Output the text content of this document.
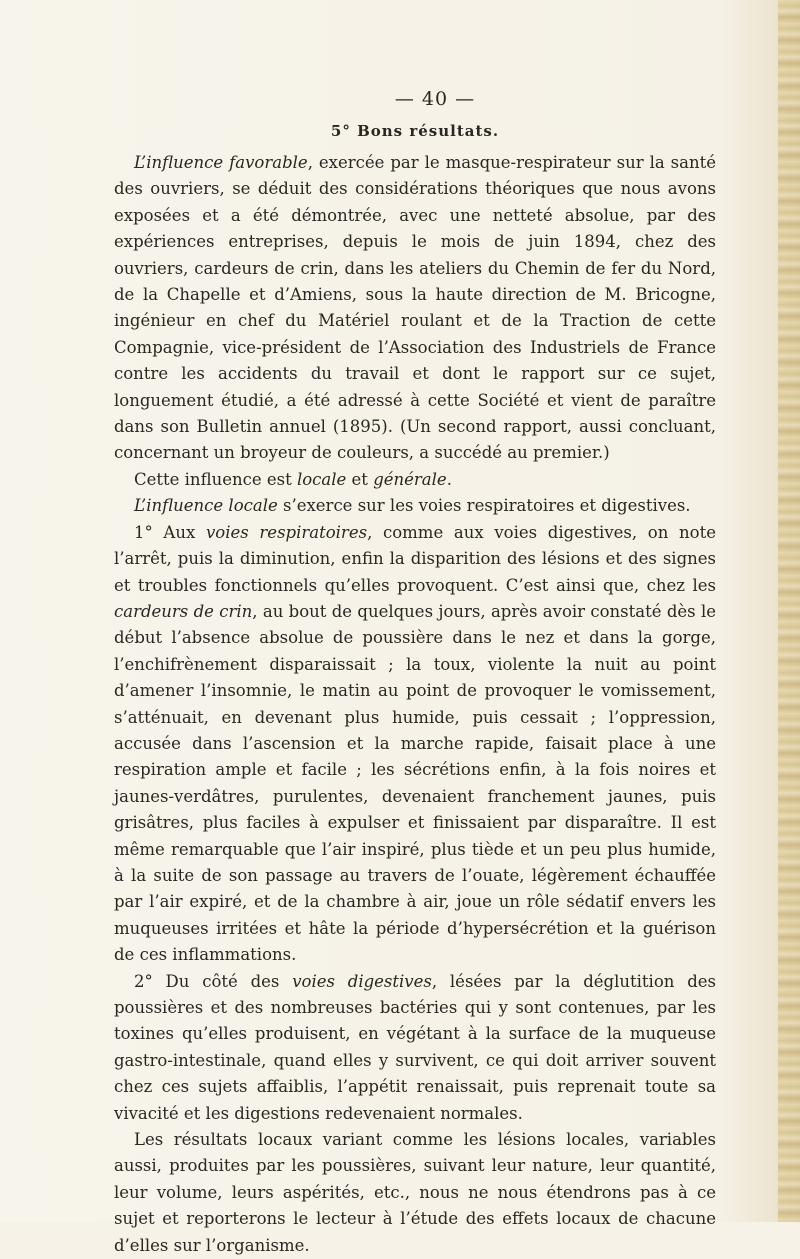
— 40 —
5° Bons résultats.

L’influence favorable, exercée par le masque-respirateur sur la santé des ouvriers, se déduit des considérations théoriques que nous avons exposées et a été démontrée, avec une netteté absolue, par des expériences entreprises, depuis le mois de juin 1894, chez des ouvriers, cardeurs de crin, dans les ateliers du Chemin de fer du Nord, de la Chapelle et d’Amiens, sous la haute direction de M. Bricogne, ingénieur en chef du Matériel roulant et de la Traction de cette Compagnie, vice-président de l’Association des Industriels de France contre les accidents du travail et dont le rapport sur ce sujet, longuement étudié, a été adressé à cette Société et vient de paraître dans son Bulletin annuel (1895). (Un second rapport, aussi concluant, concernant un broyeur de couleurs, a succédé au premier.)

Cette influence est locale et générale.

L’influence locale s’exerce sur les voies respiratoires et digestives.

1° Aux voies respiratoires, comme aux voies digestives, on note l’arrêt, puis la diminution, enfin la disparition des lésions et des signes et troubles fonctionnels qu’elles provoquent. C’est ainsi que, chez les cardeurs de crin, au bout de quelques jours, après avoir constaté dès le début l’absence absolue de poussière dans le nez et dans la gorge, l’enchifrènement disparaissait ; la toux, violente la nuit au point d’amener l’insomnie, le matin au point de provoquer le vomissement, s’atténuait, en devenant plus humide, puis cessait ; l’oppression, accusée dans l’ascension et la marche rapide, faisait place à une respiration ample et facile ; les sécrétions enfin, à la fois noires et jaunes-verdâtres, purulentes, devenaient franchement jaunes, puis grisâtres, plus faciles à expulser et finissaient par disparaître. Il est même remarquable que l’air inspiré, plus tiède et un peu plus humide, à la suite de son passage au travers de l’ouate, légèrement échauffée par l’air expiré, et de la chambre à air, joue un rôle sédatif envers les muqueuses irritées et hâte la période d’hypersécrétion et la guérison de ces inflammations.

2° Du côté des voies digestives, lésées par la déglutition des poussières et des nombreuses bactéries qui y sont contenues, par les toxines qu’elles produisent, en végétant à la surface de la muqueuse gastro-intestinale, quand elles y survivent, ce qui doit arriver souvent chez ces sujets affaiblis, l’appétit renaissait, puis reprenait toute sa vivacité et les digestions redevenaient normales.

Les résultats locaux variant comme les lésions locales, variables aussi, produites par les poussières, suivant leur nature, leur quantité, leur volume, leurs aspérités, etc., nous ne nous étendrons pas à ce sujet et reporterons le lecteur à l’étude des effets locaux de chacune d’elles sur l’organisme.
